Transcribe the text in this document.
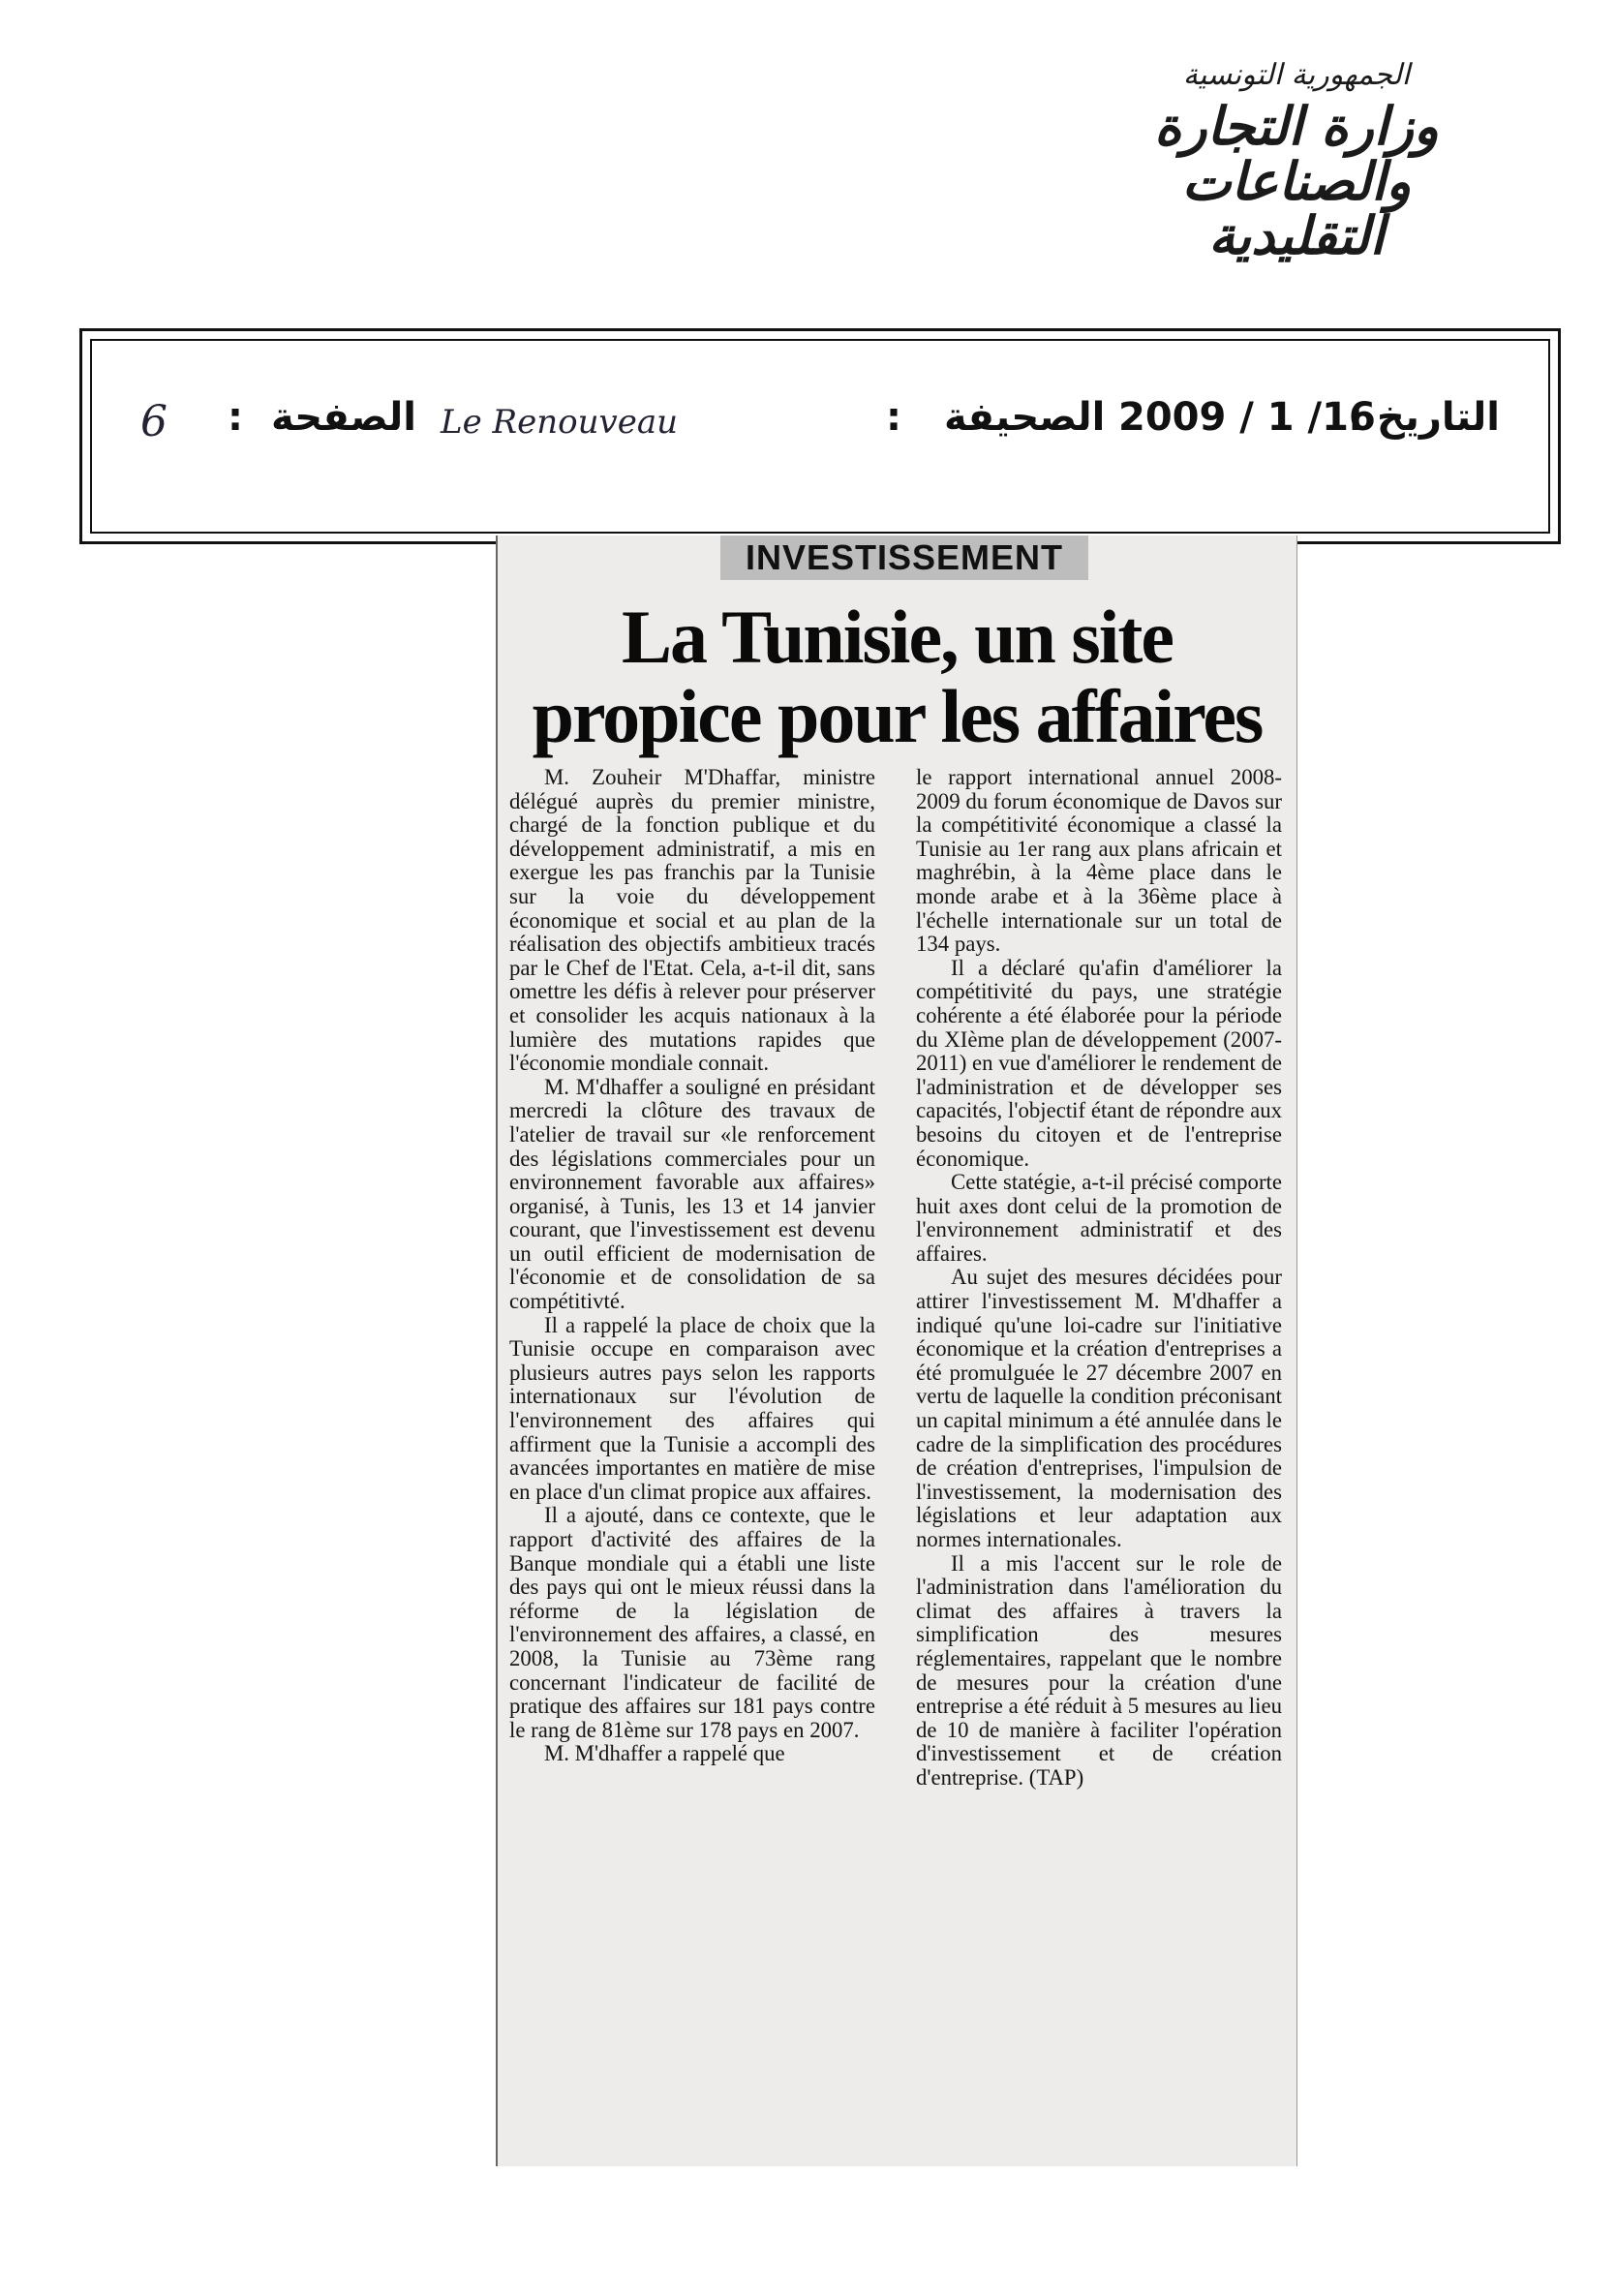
الجمهورية التونسية
وزارة التجارة
والصناعات التقليدية
التاريخ :
2009 / 1 /16
الصحيفة
:
Le Renouveau
الصفحة
:
6
INVESTISSEMENT
La Tunisie, un site
propice pour les affaires

M. Zouheir M'Dhaffar, ministre délégué auprès du premier ministre, chargé de la fonction publique et du développement administratif, a mis en exergue les pas franchis par la Tunisie sur la voie du développement économique et social et au plan de la réalisation des objectifs ambitieux tracés par le Chef de l'Etat. Cela, a-t-il dit, sans omettre les défis à relever pour préserver et consolider les acquis nationaux à la lumière des mutations rapides que l'économie mondiale connait.

M. M'dhaffer a souligné en présidant mercredi la clôture des travaux de l'atelier de travail sur «le renforcement des législations commerciales pour un environnement favorable aux affaires» organisé, à Tunis, les 13 et 14 janvier courant, que l'investissement est devenu un outil efficient de modernisation de l'économie et de consolidation de sa compétitivté.

Il a rappelé la place de choix que la Tunisie occupe en comparaison avec plusieurs autres pays selon les rapports internationaux sur l'évolution de l'environnement des affaires qui affirment que la Tunisie a accompli des avancées importantes en matière de mise en place d'un climat propice aux affaires.

Il a ajouté, dans ce contexte, que le rapport d'activité des affaires de la Banque mondiale qui a établi une liste des pays qui ont le mieux réussi dans la réforme de la législation de l'environnement des affaires, a classé, en 2008, la Tunisie au 73ème rang concernant l'indicateur de facilité de pratique des affaires sur 181 pays contre le rang de 81ème sur 178 pays en 2007.

M. M'dhaffer a rappelé que

le rapport international annuel 2008-2009 du forum économique de Davos sur la compétitivité économique a classé la Tunisie au 1er rang aux plans africain et maghrébin, à la 4ème place dans le monde arabe et à la 36ème place à l'échelle internationale sur un total de 134 pays.

Il a déclaré qu'afin d'améliorer la compétitivité du pays, une stratégie cohérente a été élaborée pour la période du XIème plan de développement (2007-2011) en vue d'améliorer le rendement de l'administration et de développer ses capacités, l'objectif étant de répondre aux besoins du citoyen et de l'entreprise économique.

Cette statégie, a-t-il précisé comporte huit axes dont celui de la promotion de l'environnement administratif et des affaires.

Au sujet des mesures décidées pour attirer l'investissement M. M'dhaffer a indiqué qu'une loi-cadre sur l'initiative économique et la création d'entreprises a été promulguée le 27 décembre 2007 en vertu de laquelle la condition préconisant un capital minimum a été annulée dans le cadre de la simplification des procédures de création d'entreprises, l'impulsion de l'investissement, la modernisation des législations et leur adaptation aux normes internationales.

Il a mis l'accent sur le role de l'administration dans l'amélioration du climat des affaires à travers la simplification des mesures réglementaires, rappelant que le nombre de mesures pour la création d'une entreprise a été réduit à 5 mesures au lieu de 10 de manière à faciliter l'opération d'investissement et de création d'entreprise. (TAP)
